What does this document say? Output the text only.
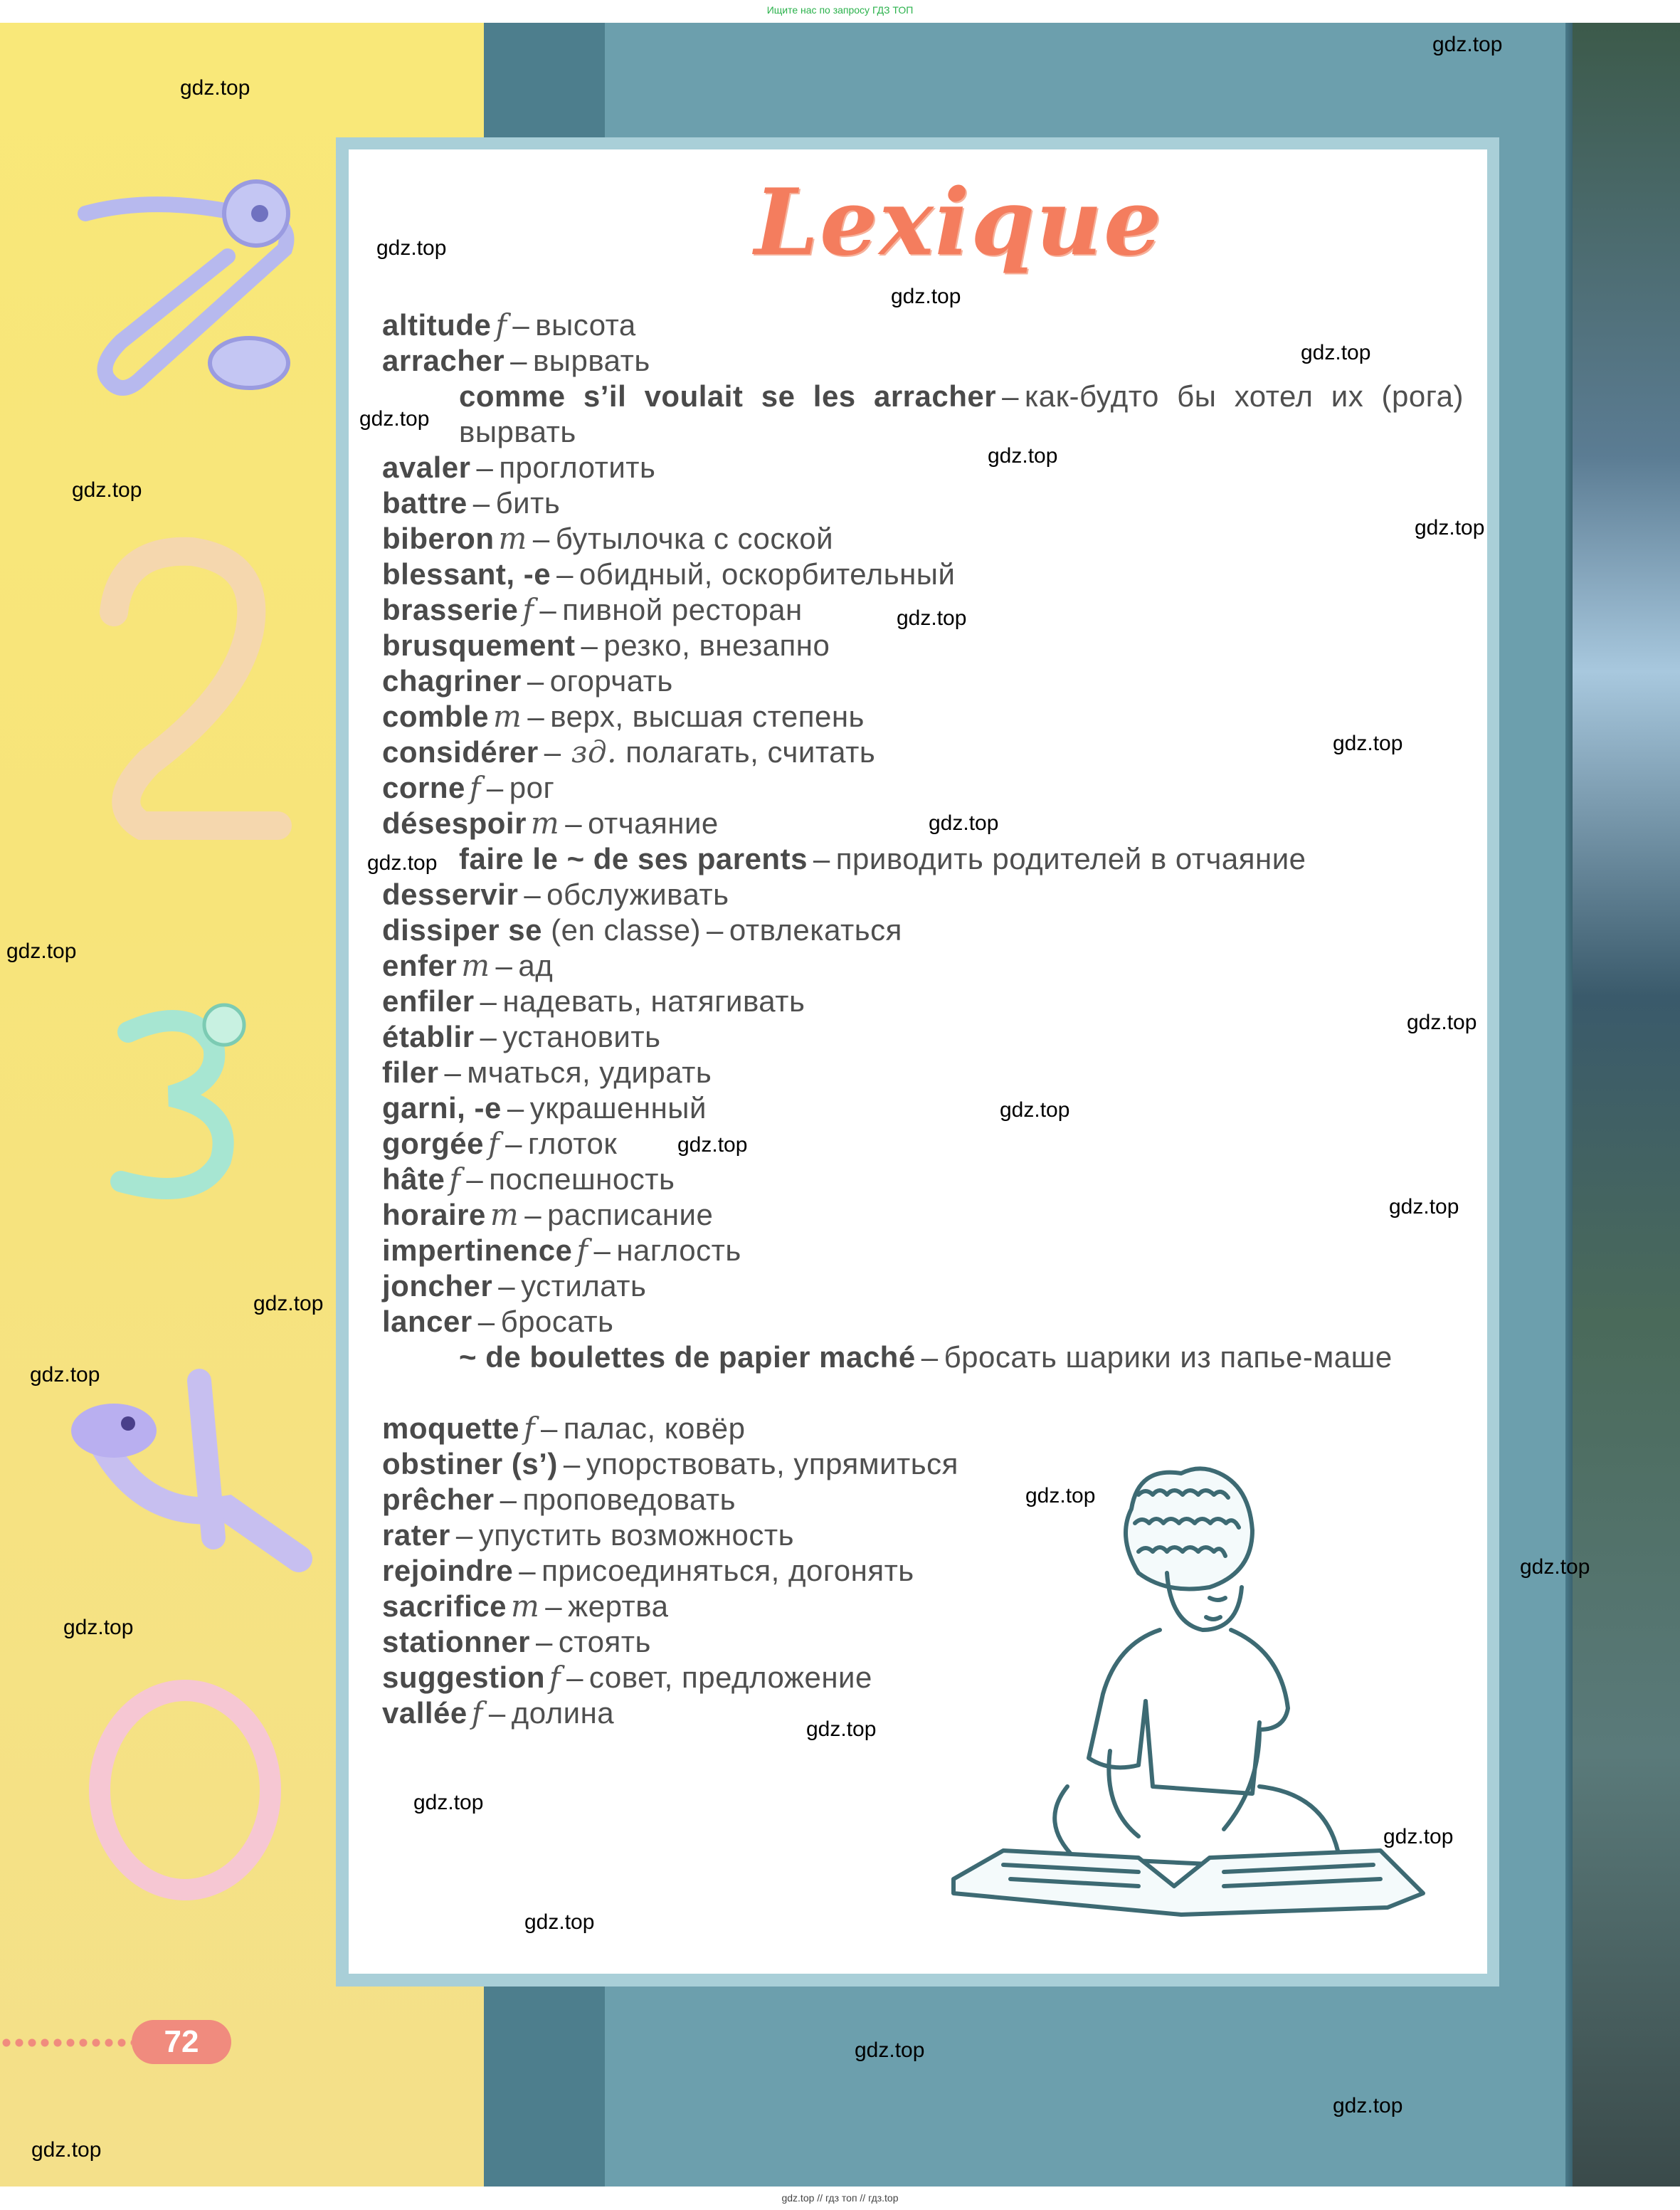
Ищите нас по запросу ГДЗ ТОП
Lexique
altitude f – высота
arracher – вырвать
comme s’il voulait se les arracher – как-будто бы хотел их (рога) вырвать
avaler – проглотить
battre – бить
biberon m – бутылочка с соской
blessant, -e – обидный, оскорбительный
brasserie f – пивной ресторан
brusquement – резко, внезапно
chagriner – огорчать
comble m – верх, высшая степень
considérer – зд. полагать, считать
corne f – рог
désespoir m – отчаяние
faire le ~ de ses parents – приводить родителей в отчаяние
desservir – обслуживать
dissiper se (en classe) – отвлекаться
enfer m – ад
enfiler – надевать, натягивать
établir – установить
filer – мчаться, удирать
garni, -e – украшенный
gorgée f – глоток
hâte f – поспешность
horaire m – расписание
impertinence f – наглость
joncher – устилать
lancer – бросать
~ de boulettes de papier maché – бросать шарики из папье-маше
moquette f – палас, ковёр
obstiner (s’) – упорствовать, упрямиться
prêcher – проповедовать
rater – упустить возможность
rejoindre – присоединяться, догонять
sacrifice m – жертва
stationner – стоять
suggestion f – совет, предложение
vallée f – долина
72
gdz.top
gdz.top
gdz.top
gdz.top
gdz.top
gdz.top
gdz.top
gdz.top
gdz.top
gdz.top
gdz.top
gdz.top
gdz.top
gdz.top
gdz.top
gdz.top
gdz.top
gdz.top
gdz.top
gdz.top
gdz.top
gdz.top
gdz.top
gdz.top
gdz.top
gdz.top
gdz.top
gdz.top
gdz.top
gdz.top
gdz.top // гдз топ // гдз.top
